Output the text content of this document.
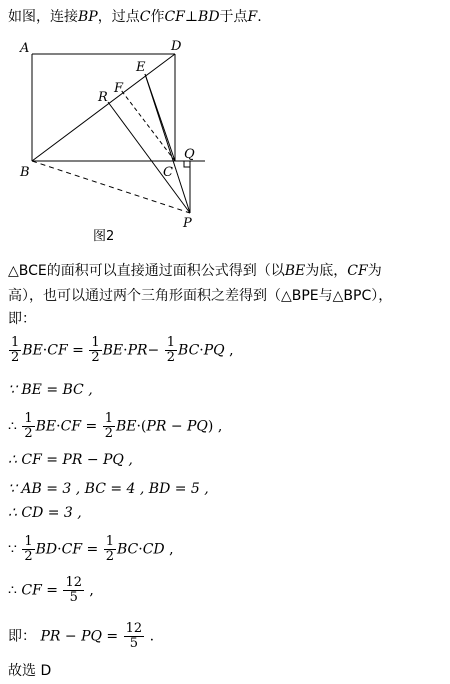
如图，连接BP，过点C作CF⊥BD于点F.
A	D
E
F
R
Q
B	C
P
图2
△BCE的面积可以直接通过面积公式得到（以BE为底，CF为
高），也可以通过两个三角形面积之差得到（△BPE与△BPC），
即：
$\frac{1}{2} BE\cdot CF = \frac{1}{2} BE\cdot PR- \frac{1}{2} BC\cdot PQ$ ,
∵ BE = BC ,
∴ $\frac{1}{2} BE\cdot CF = \frac{1}{2} BE\cdot(PR - PQ)$ ,
∴ CF = PR − PQ ,
∵ AB = 3 , BC = 4 , BD = 5 ,
∴ CD = 3 ,
∵ $\frac{1}{2} BD\cdot CF = \frac{1}{2} BC\cdot CD$ ,
∴ CF = $\frac{12}{5}$ ,
即： PR − PQ = $\frac{12}{5}$ .
故选 D
